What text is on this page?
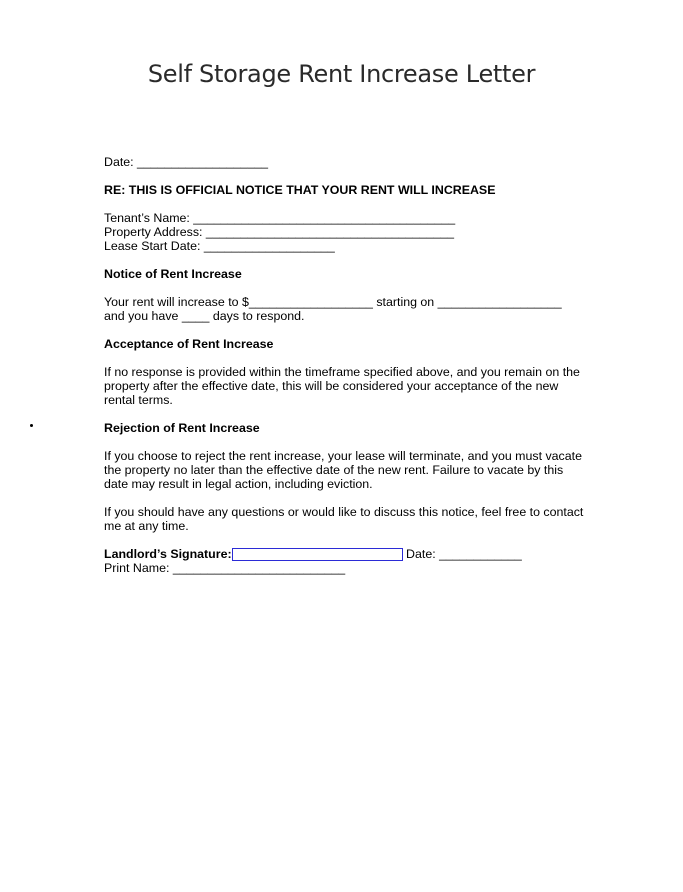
Self Storage Rent Increase Letter
Date: ___________________
RE: THIS IS OFFICIAL NOTICE THAT YOUR RENT WILL INCREASE
Tenant’s Name: ______________________________________
Property Address: ____________________________________
Lease Start Date: ___________________
Notice of Rent Increase
Your rent will increase to $__________________ starting on __________________
and you have ____ days to respond.
Acceptance of Rent Increase
If no response is provided within the timeframe specified above, and you remain on the property after the effective date, this will be considered your acceptance of the new rental terms.
Rejection of Rent Increase
If you choose to reject the rent increase, your lease will terminate, and you must vacate the property no later than the effective date of the new rent. Failure to vacate by this date may result in legal action, including eviction.
If you should have any questions or would like to discuss this notice, feel free to contact me at any time.
Landlord’s Signature:	Date: ____________
Print Name: _________________________
